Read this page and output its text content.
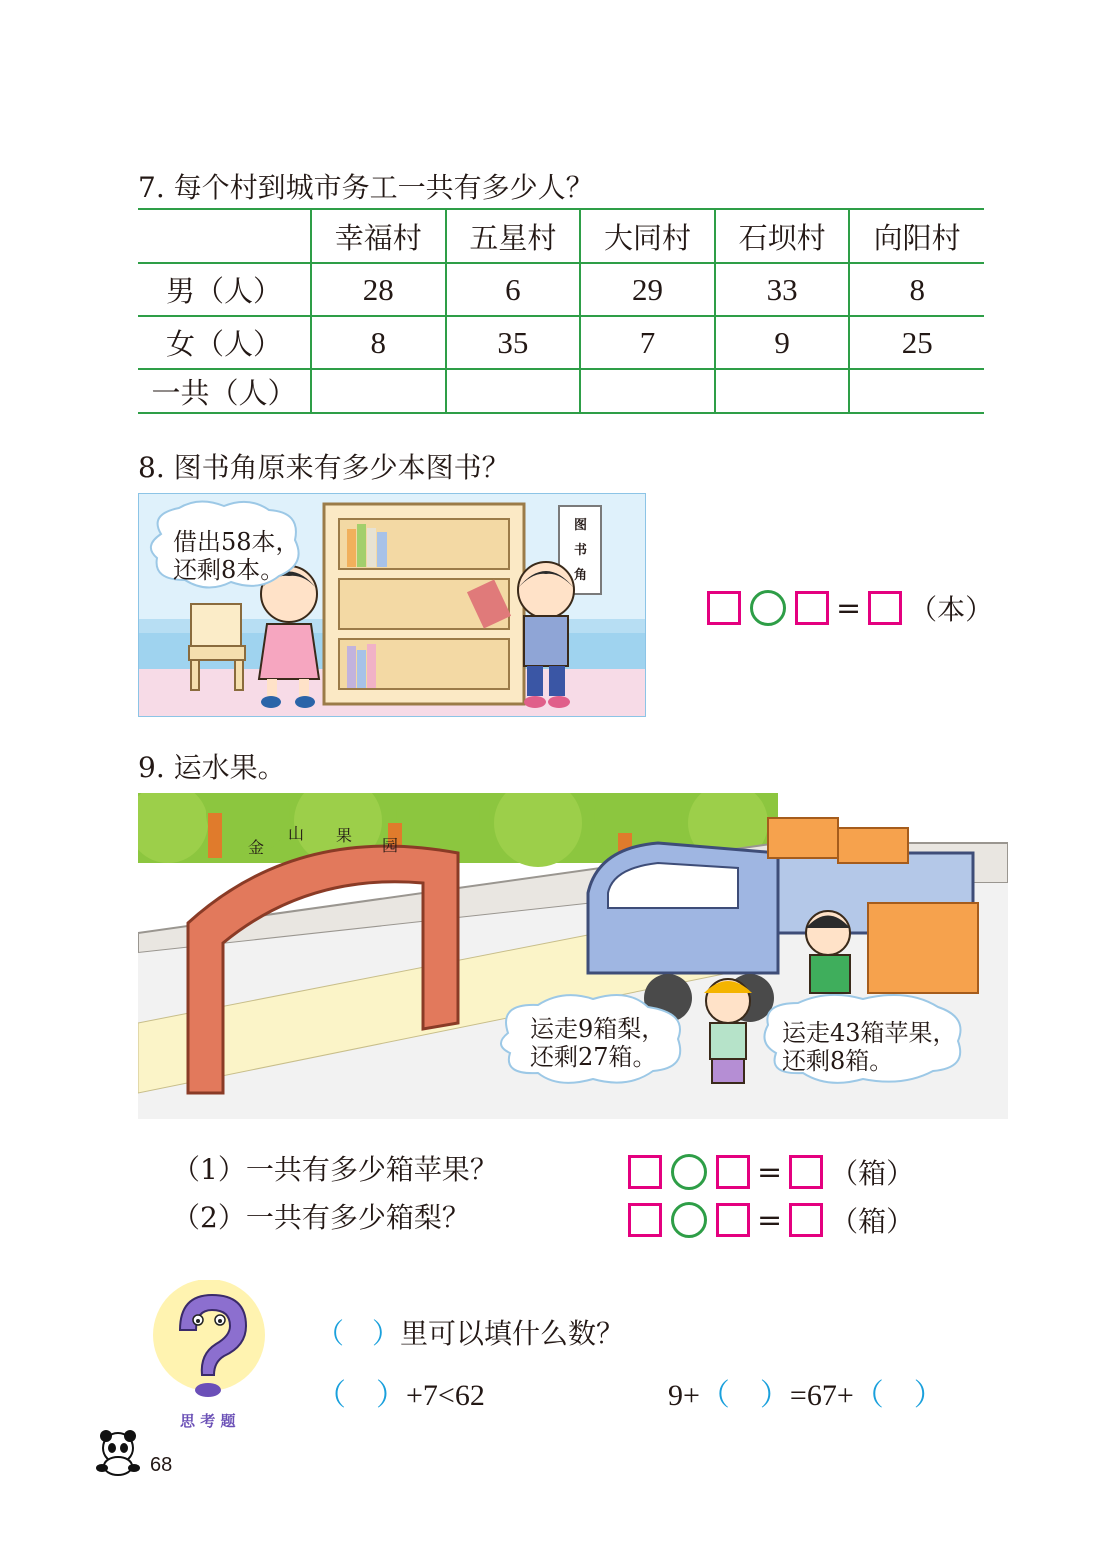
7. 每个村到城市务工一共有多少人？
	幸福村	五星村	大同村	石坝村	向阳村
男（人）	28	6	29	33	8
女（人）	8	35	7	9	25
一共（人）					
8. 图书角原来有多少本图书？
借出58本，
还剩8本。
图
书
角
= （本）
9. 运水果。
金
山 果
园
运走9箱梨，
还剩27箱。
运走43箱苹果，
还剩8箱。
（1）一共有多少箱苹果？
（2）一共有多少箱梨？
= （箱）
= （箱）
思 考 题
（　）里可以填什么数？
（　）+7<62	9+（　）=67+（　）
68
